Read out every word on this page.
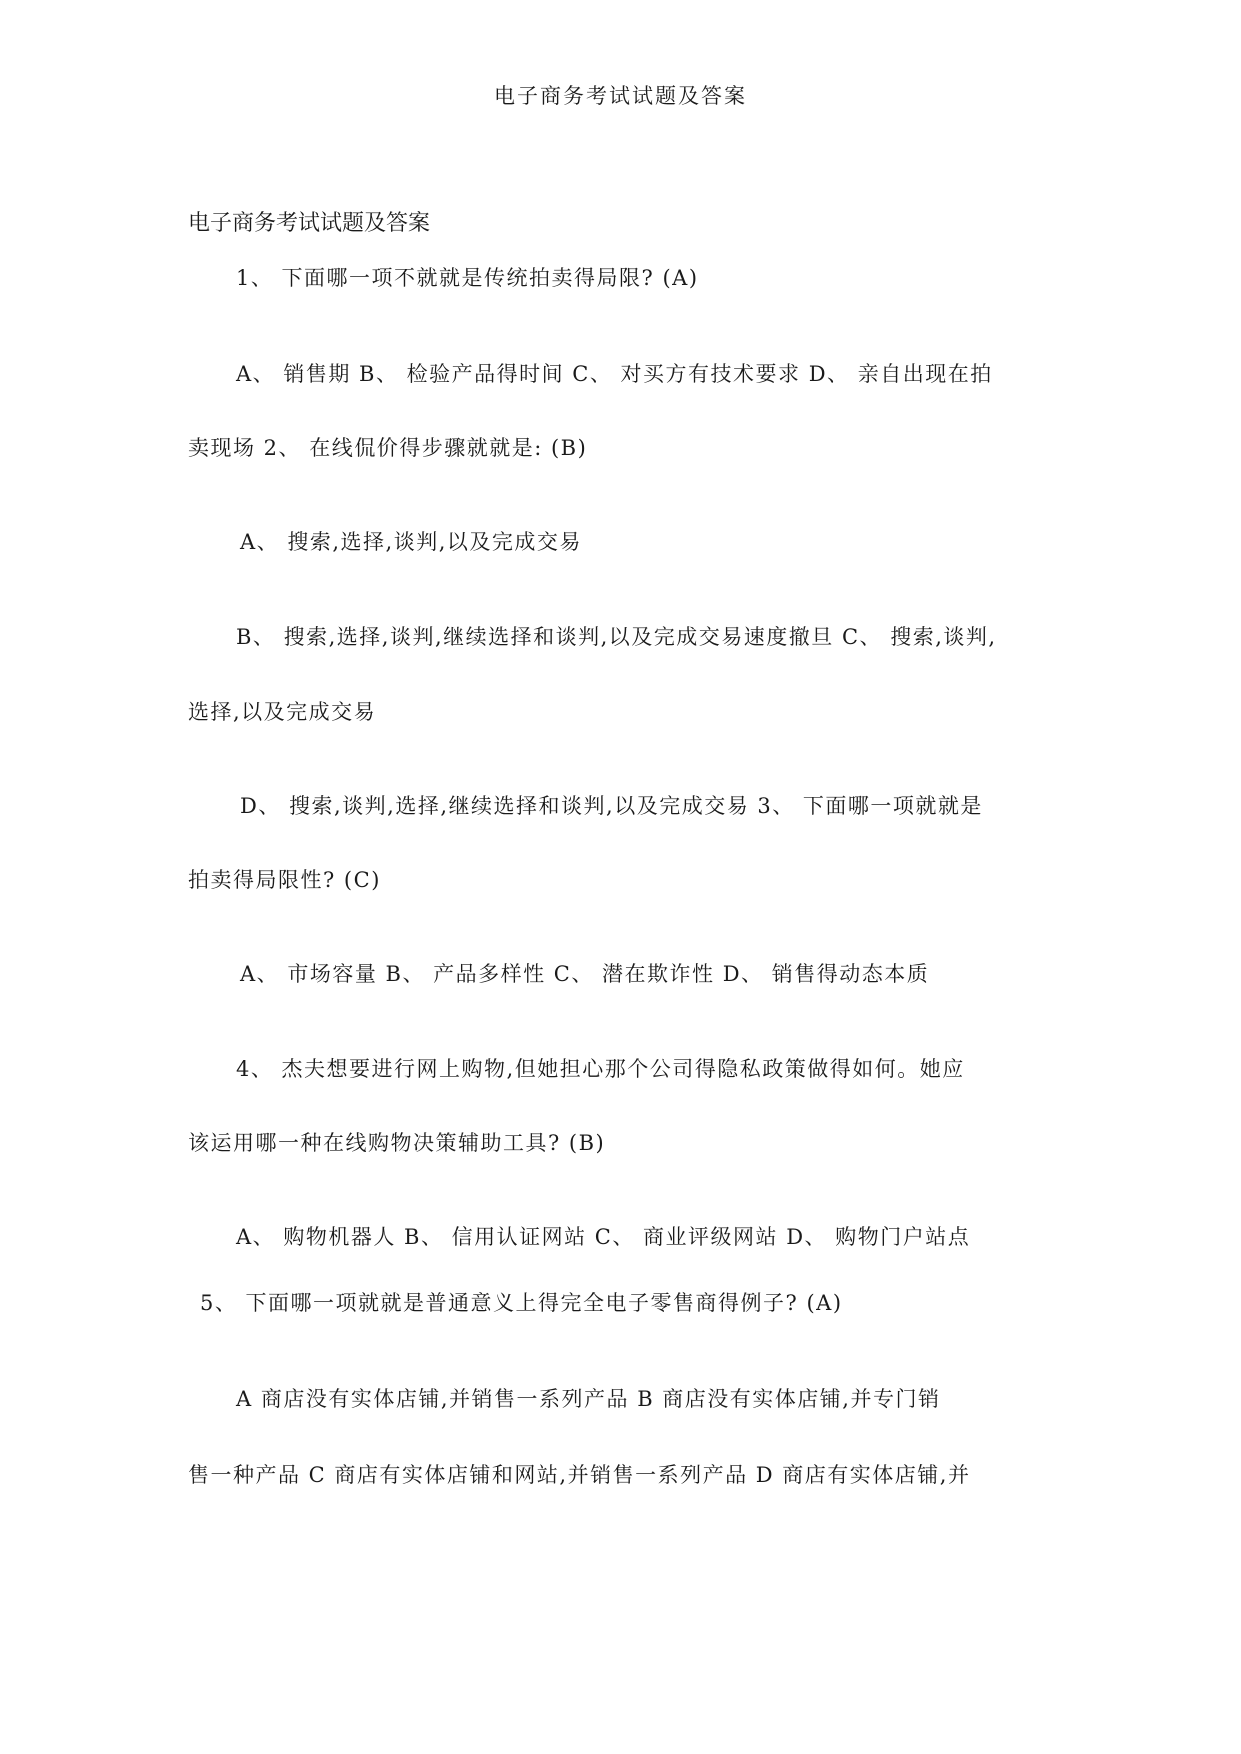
电子商务考试试题及答案
电子商务考试试题及答案
1、 下面哪一项不就就是传统拍卖得局限? (A)
A、 销售期 B、 检验产品得时间 C、 对买方有技术要求 D、 亲自出现在拍
卖现场 2、 在线侃价得步骤就就是: (B)
A、 搜索,选择,谈判,以及完成交易
B、 搜索,选择,谈判,继续选择和谈判,以及完成交易速度撤旦 C、 搜索,谈判,
选择,以及完成交易
D、 搜索,谈判,选择,继续选择和谈判,以及完成交易 3、 下面哪一项就就是
拍卖得局限性? (C)
A、 市场容量 B、 产品多样性 C、 潜在欺诈性 D、 销售得动态本质
4、 杰夫想要进行网上购物,但她担心那个公司得隐私政策做得如何。她应
该运用哪一种在线购物决策辅助工具? (B)
A、 购物机器人 B、 信用认证网站 C、 商业评级网站 D、 购物门户站点
5、 下面哪一项就就是普通意义上得完全电子零售商得例子? (A)
A 商店没有实体店铺,并销售一系列产品 B 商店没有实体店铺,并专门销
售一种产品 C 商店有实体店铺和网站,并销售一系列产品 D 商店有实体店铺,并
